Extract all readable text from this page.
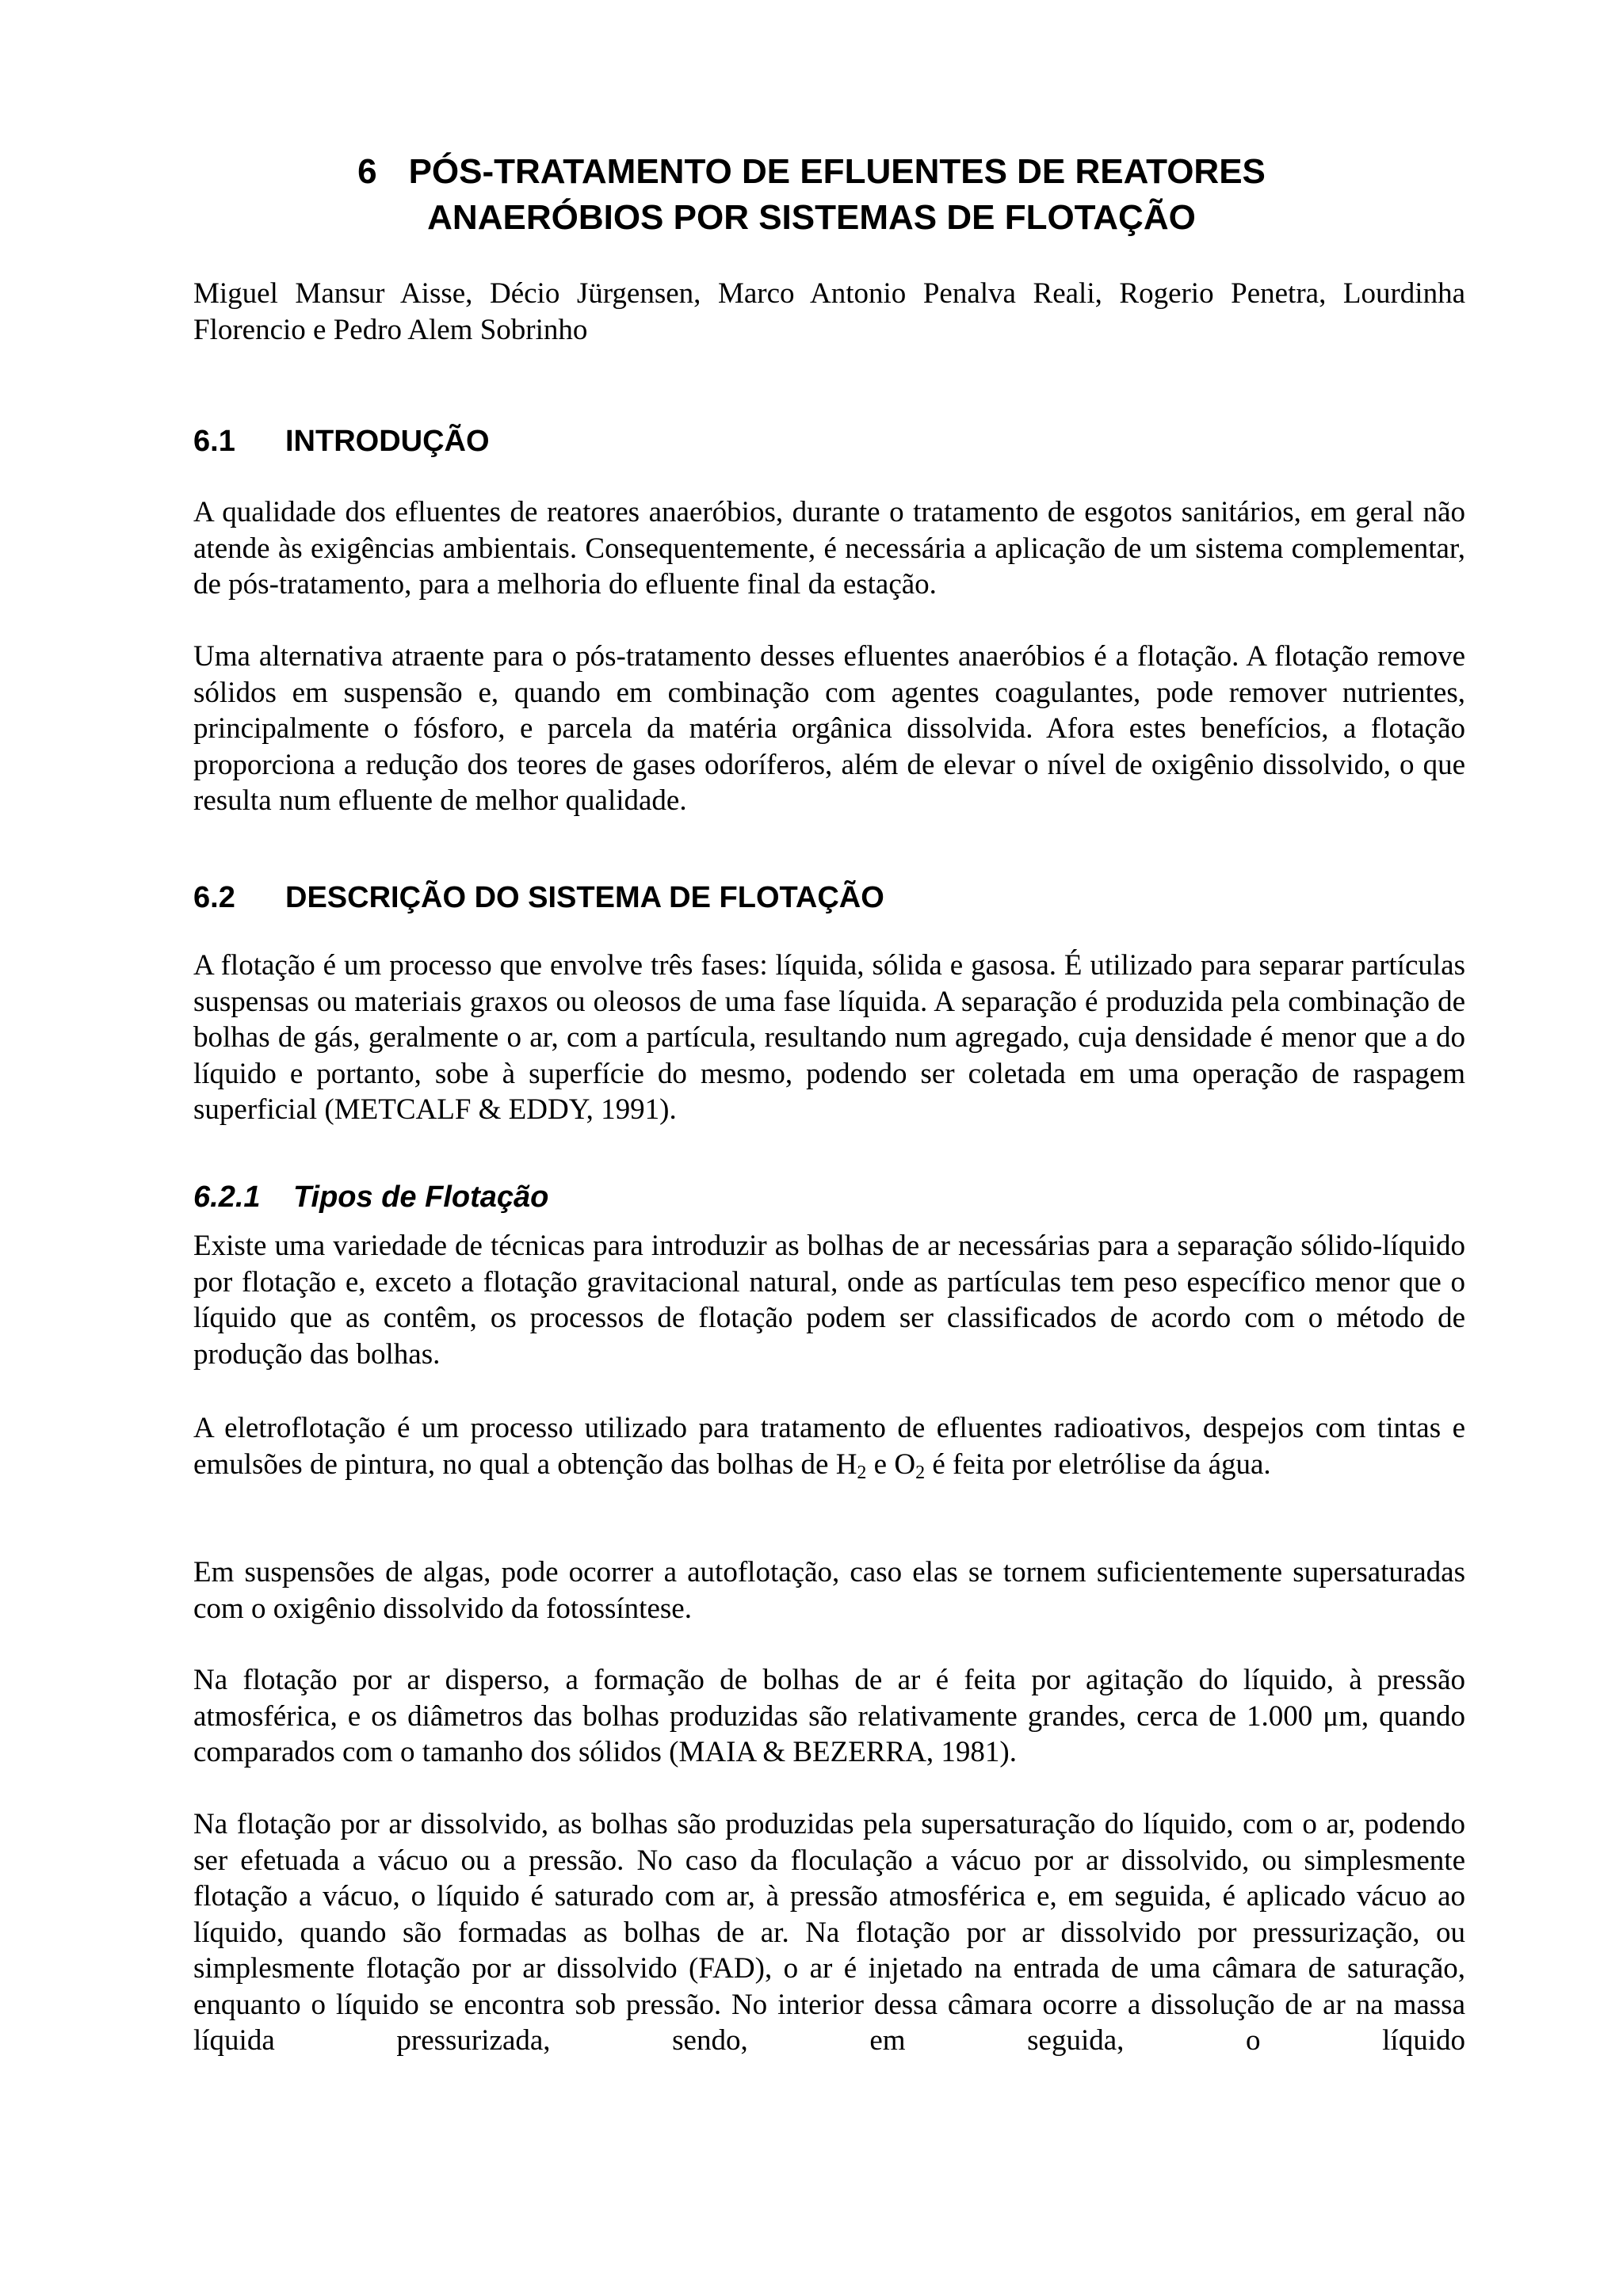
6 PÓS-TRATAMENTO DE EFLUENTES DE REATORES
ANAERÓBIOS POR SISTEMAS DE FLOTAÇÃO

Miguel Mansur Aisse, Décio Jürgensen, Marco Antonio Penalva Reali, Rogerio Penetra, Lourdinha Florencio e Pedro Alem Sobrinho

6.1 INTRODUÇÃO

A qualidade dos efluentes de reatores anaeróbios, durante o tratamento de esgotos sanitários, em geral não atende às exigências ambientais. Consequentemente, é necessária a aplicação de um sistema complementar, de pós-tratamento, para a melhoria do efluente final da estação.

Uma alternativa atraente para o pós-tratamento desses efluentes anaeróbios é a flotação. A flotação remove sólidos em suspensão e, quando em combinação com agentes coagulantes, pode remover nutrientes, principalmente o fósforo, e parcela da matéria orgânica dissolvida. Afora estes benefícios, a flotação proporciona a redução dos teores de gases odoríferos, além de elevar o nível de oxigênio dissolvido, o que resulta num efluente de melhor qualidade.

6.2 DESCRIÇÃO DO SISTEMA DE FLOTAÇÃO

A flotação é um processo que envolve três fases: líquida, sólida e gasosa. É utilizado para separar partículas suspensas ou materiais graxos ou oleosos de uma fase líquida. A separação é produzida pela combinação de bolhas de gás, geralmente o ar, com a partícula, resultando num agregado, cuja densidade é menor que a do líquido e portanto, sobe à superfície do mesmo, podendo ser coletada em uma operação de raspagem superficial (METCALF & EDDY, 1991).

6.2.1 Tipos de Flotação

Existe uma variedade de técnicas para introduzir as bolhas de ar necessárias para a separação sólido-líquido por flotação e, exceto a flotação gravitacional natural, onde as partículas tem peso específico menor que o líquido que as contêm, os processos de flotação podem ser classificados de acordo com o método de produção das bolhas.

A eletroflotação é um processo utilizado para tratamento de efluentes radioativos, despejos com tintas e emulsões de pintura, no qual a obtenção das bolhas de $H_2$ e $O_2$ é feita por eletrólise da água.

Em suspensões de algas, pode ocorrer a autoflotação, caso elas se tornem suficientemente supersaturadas com o oxigênio dissolvido da fotossíntese.

Na flotação por ar disperso, a formação de bolhas de ar é feita por agitação do líquido, à pressão atmosférica, e os diâmetros das bolhas produzidas são relativamente grandes, cerca de 1.000 μm, quando comparados com o tamanho dos sólidos (MAIA & BEZERRA, 1981).

Na flotação por ar dissolvido, as bolhas são produzidas pela supersaturação do líquido, com o ar, podendo ser efetuada a vácuo ou a pressão. No caso da floculação a vácuo por ar dissolvido, ou simplesmente flotação a vácuo, o líquido é saturado com ar, à pressão atmosférica e, em seguida, é aplicado vácuo ao líquido, quando são formadas as bolhas de ar. Na flotação por ar dissolvido por pressurização, ou simplesmente flotação por ar dissolvido (FAD), o ar é injetado na entrada de uma câmara de saturação, enquanto o líquido se encontra sob pressão. No interior dessa câmara ocorre a dissolução de ar na massa líquida pressurizada, sendo, em seguida, o líquido
